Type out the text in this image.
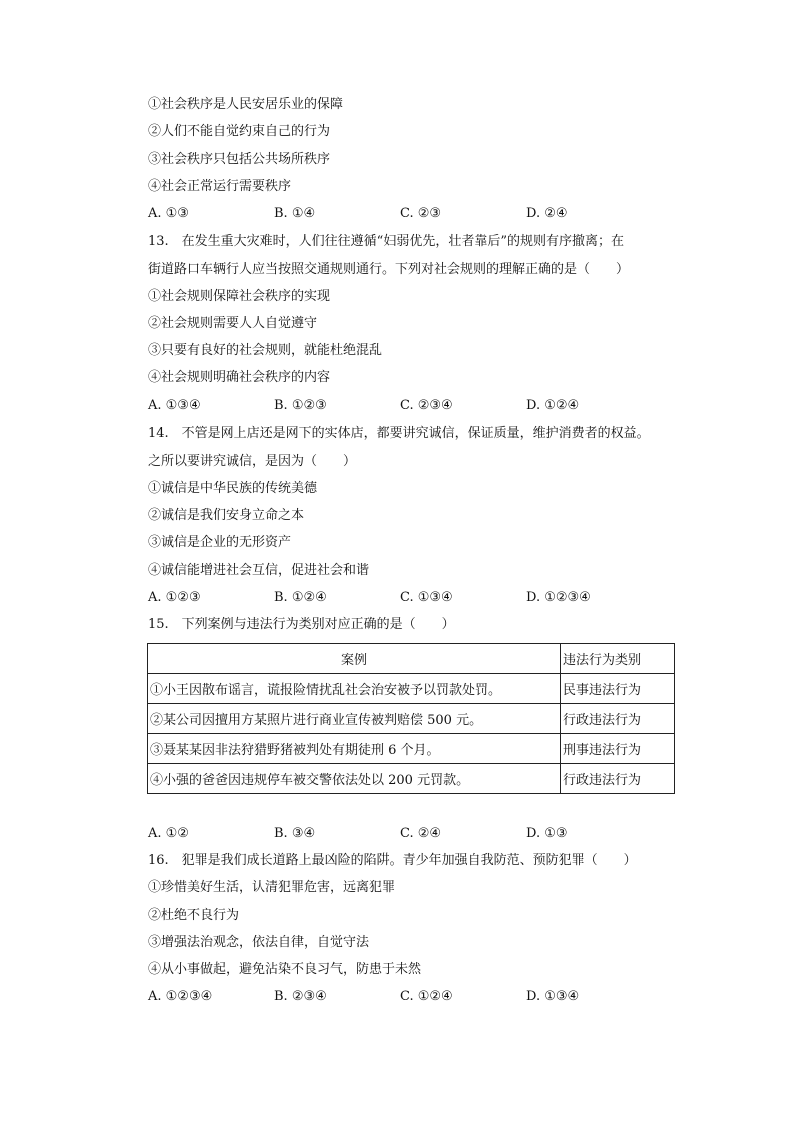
①社会秩序是人民安居乐业的保障
②人们不能自觉约束自己的行为
③社会秩序只包括公共场所秩序
④社会正常运行需要秩序
A. ①③	B. ①④	C. ②③	D. ②④
13.　在发生重大灾难时，人们往往遵循“妇弱优先，壮者靠后”的规则有序撤离；在
街道路口车辆行人应当按照交通规则通行。下列对社会规则的理解正确的是（　　）
①社会规则保障社会秩序的实现
②社会规则需要人人自觉遵守
③只要有良好的社会规则，就能杜绝混乱
④社会规则明确社会秩序的内容
A. ①③④	B. ①②③	C. ②③④	D. ①②④
14.　不管是网上店还是网下的实体店，都要讲究诚信，保证质量，维护消费者的权益。
之所以要讲究诚信，是因为（　　）
①诚信是中华民族的传统美德
②诚信是我们安身立命之本
③诚信是企业的无形资产
④诚信能增进社会互信，促进社会和谐
A. ①②③	B. ①②④	C. ①③④	D. ①②③④
15.　下列案例与违法行为类别对应正确的是（　　）
案例	违法行为类别
①小王因散布谣言，谎报险情扰乱社会治安被予以罚款处罚。	民事违法行为
②某公司因擅用方某照片进行商业宣传被判赔偿 500 元。	行政违法行为
③聂某某因非法狩猎野猪被判处有期徒刑 6 个月。	刑事违法行为
④小强的爸爸因违规停车被交警依法处以 200 元罚款。	行政违法行为
A. ①②	B. ③④	C. ②④	D. ①③
16.　犯罪是我们成长道路上最凶险的陷阱。青少年加强自我防范、预防犯罪（　　）
①珍惜美好生活，认清犯罪危害，远离犯罪
②杜绝不良行为
③增强法治观念，依法自律，自觉守法
④从小事做起，避免沾染不良习气，防患于未然
A. ①②③④	B. ②③④	C. ①②④	D. ①③④
